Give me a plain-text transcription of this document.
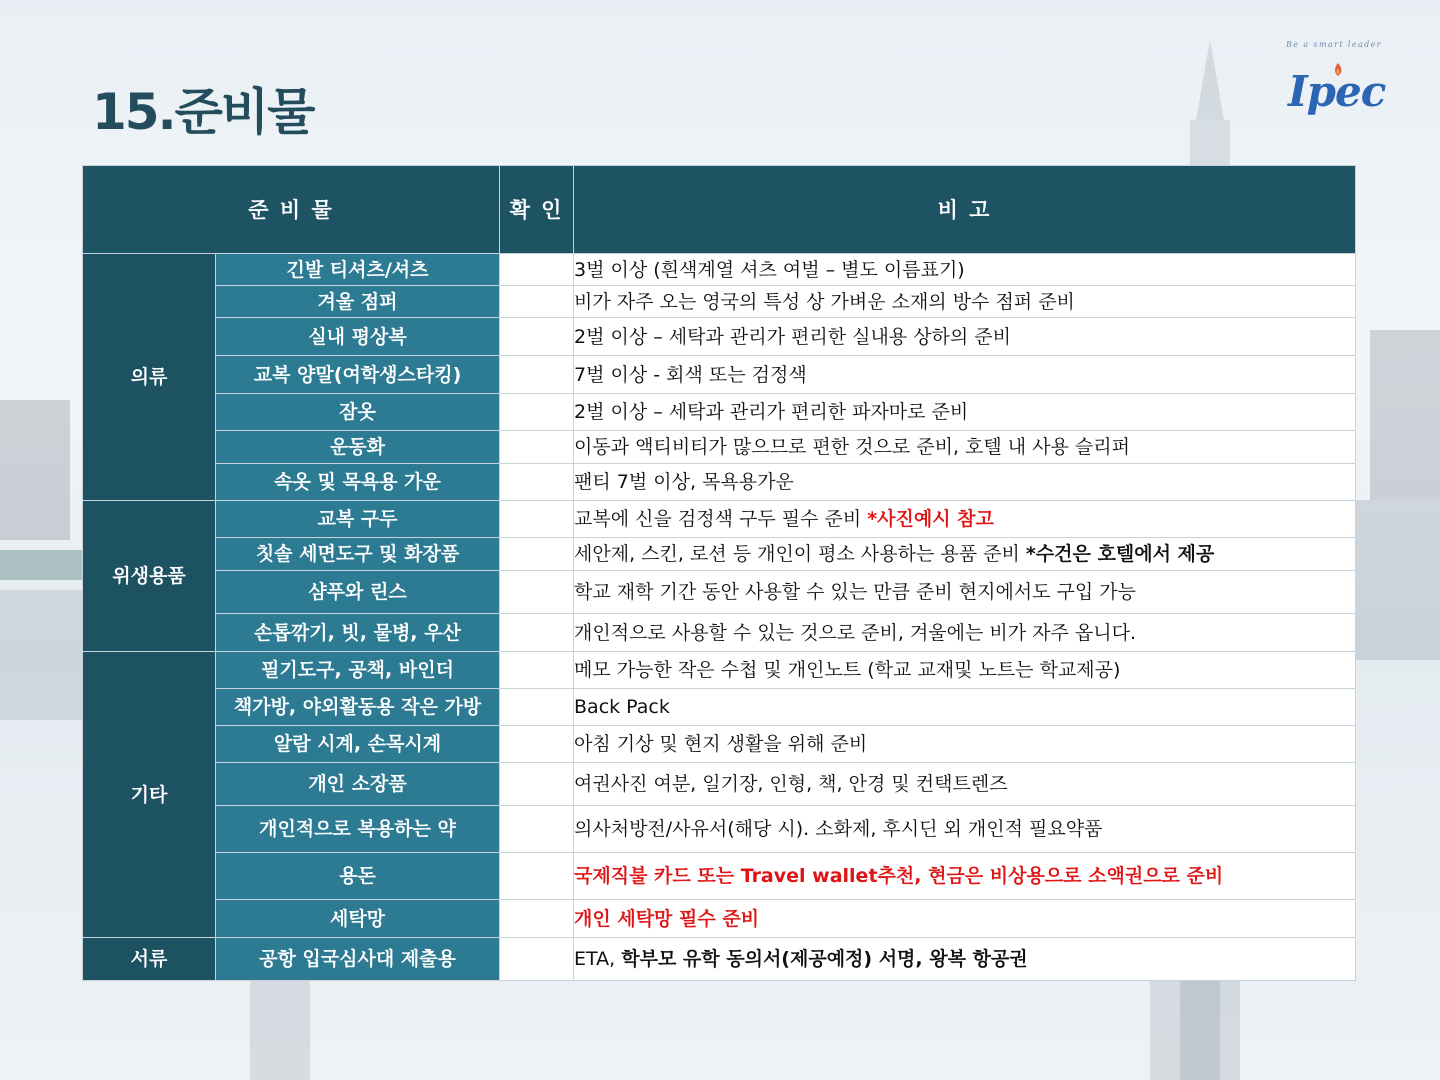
15.준비물
Be a smart leader
Ipec
준 비 물		확 인	비 고
의류	긴발 티셔츠/셔츠		3벌 이상 (흰색계열 셔츠 여벌 – 별도 이름표기)
	겨울 점퍼		비가 자주 오는 영국의 특성 상 가벼운 소재의 방수 점퍼 준비
	실내 평상복		2벌 이상 – 세탁과 관리가 편리한 실내용 상하의 준비
	교복 양말(여학생스타킹)		7벌 이상 - 회색 또는 검정색
	잠옷		2벌 이상 – 세탁과 관리가 편리한 파자마로 준비
	운동화		이동과 액티비티가 많으므로 편한 것으로 준비, 호텔 내 사용 슬리퍼
	속옷 및 목욕용 가운		팬티 7벌 이상, 목욕용가운
위생용품	교복 구두		교복에 신을 검정색 구두 필수 준비 *사진예시 참고
	칫솔 세면도구 및 화장품		세안제, 스킨, 로션 등 개인이 평소 사용하는 용품 준비 *수건은 호텔에서 제공
	샴푸와 린스		학교 재학 기간 동안 사용할 수 있는 만큼 준비 현지에서도 구입 가능
	손톱깎기, 빗, 물병, 우산		개인적으로 사용할 수 있는 것으로 준비, 겨울에는 비가 자주 옵니다.
기타	필기도구, 공책, 바인더		메모 가능한 작은 수첩 및 개인노트 (학교 교재및 노트는 학교제공)
	책가방, 야외활동용 작은 가방		Back Pack
	알람 시계, 손목시계		아침 기상 및 현지 생활을 위해 준비
	개인 소장품		여권사진 여분, 일기장, 인형, 책, 안경 및 컨택트렌즈
	개인적으로 복용하는 약		의사처방전/사유서(해당 시). 소화제, 후시딘 외 개인적 필요약품
	용돈		국제직불 카드 또는 Travel wallet추천, 현금은 비상용으로 소액권으로 준비
	세탁망		개인 세탁망 필수 준비
서류	공항 입국심사대 제출용		ETA, 학부모 유학 동의서(제공예정) 서명, 왕복 항공권
